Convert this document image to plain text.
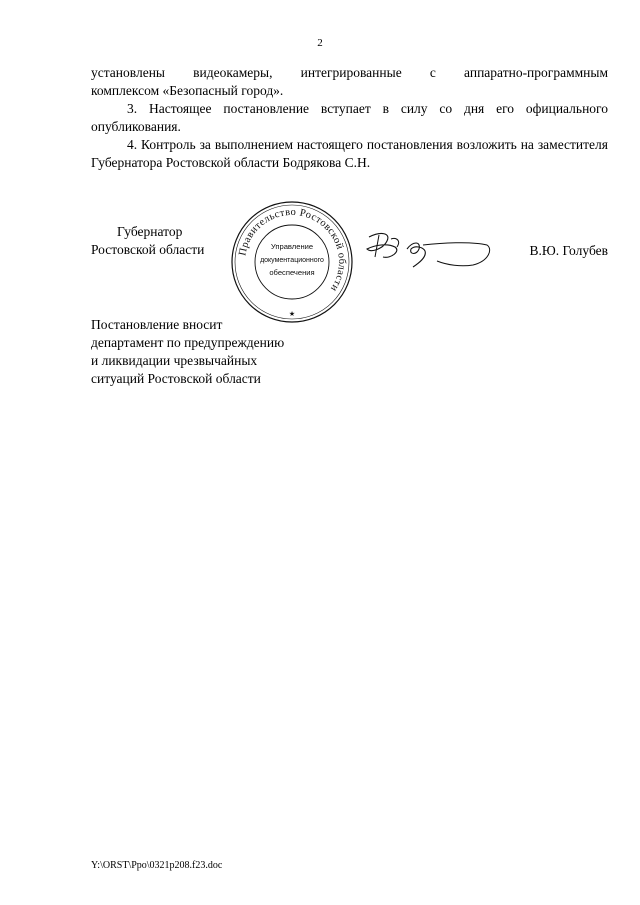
2

установлены видеокамеры, интегрированные с аппаратно-программным

комплексом «Безопасный город».

3. Настоящее постановление вступает в силу со дня его официального опубликования.

4. Контроль за выполнением настоящего постановления возложить на заместителя Губернатора Ростовской области Бодрякова С.Н.

Губернатор
Ростовской области	Правительство Ростовской области
Управление
документационного
обеспечения
★
В.Ю. Голубев
Постановление вносит
департамент по предупреждению
и ликвидации чрезвычайных
ситуаций Ростовской области
Y:\ORST\Ppo\0321p208.f23.doc
